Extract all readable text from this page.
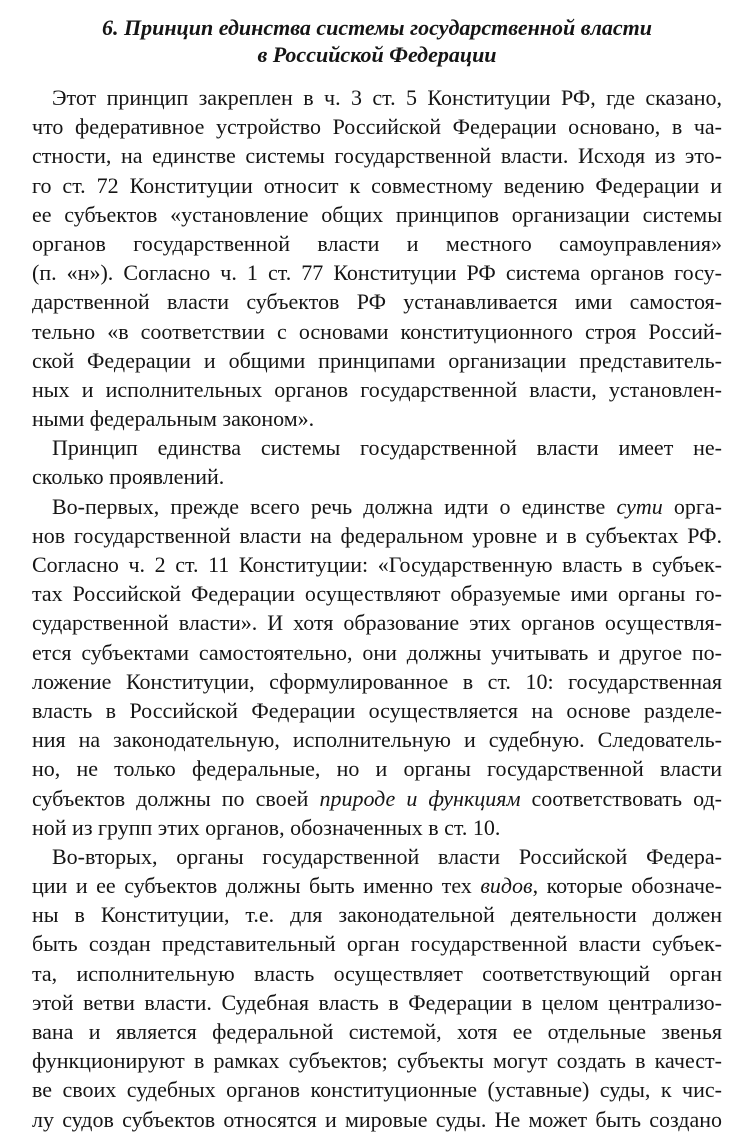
6. Принцип единства системы государственной власти
в Российской Федерации
Этот принцип закреплен в ч. 3 ст. 5 Конституции РФ, где сказано,
что федеративное устройство Российской Федерации основано, в ча-
стности, на единстве системы государственной власти. Исходя из это-
го ст. 72 Конституции относит к совместному ведению Федерации и
ее субъектов «установление общих принципов организации системы
органов государственной власти и местного самоуправления»
(п. «н»). Согласно ч. 1 ст. 77 Конституции РФ система органов госу-
дарственной власти субъектов РФ устанавливается ими самостоя-
тельно «в соответствии с основами конституционного строя Россий-
ской Федерации и общими принципами организации представитель-
ных и исполнительных органов государственной власти, установлен-
ными федеральным законом».
Принцип единства системы государственной власти имеет не-
сколько проявлений.
Во-первых, прежде всего речь должна идти о единстве сути орга-
нов государственной власти на федеральном уровне и в субъектах РФ.
Согласно ч. 2 ст. 11 Конституции: «Государственную власть в субъек-
тах Российской Федерации осуществляют образуемые ими органы го-
сударственной власти». И хотя образование этих органов осуществля-
ется субъектами самостоятельно, они должны учитывать и другое по-
ложение Конституции, сформулированное в ст. 10: государственная
власть в Российской Федерации осуществляется на основе разделе-
ния на законодательную, исполнительную и судебную. Следователь-
но, не только федеральные, но и органы государственной власти
субъектов должны по своей природе и функциям соответствовать од-
ной из групп этих органов, обозначенных в ст. 10.
Во-вторых, органы государственной власти Российской Федера-
ции и ее субъектов должны быть именно тех видов, которые обозначе-
ны в Конституции, т.е. для законодательной деятельности должен
быть создан представительный орган государственной власти субъек-
та, исполнительную власть осуществляет соответствующий орган
этой ветви власти. Судебная власть в Федерации в целом централизо-
вана и является федеральной системой, хотя ее отдельные звенья
функционируют в рамках субъектов; субъекты могут создать в качест-
ве своих судебных органов конституционные (уставные) суды, к чис-
лу судов субъектов относятся и мировые суды. Не может быть создано
